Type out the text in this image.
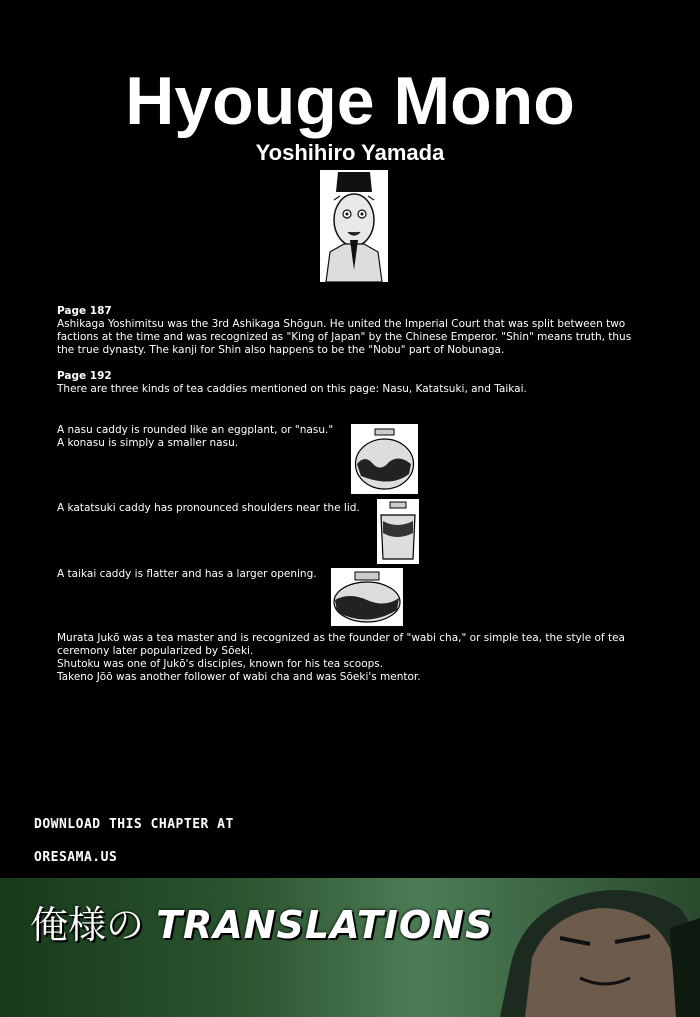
Hyouge Mono
Yoshihiro Yamada

Page 187

Ashikaga Yoshimitsu was the 3rd Ashikaga Shōgun. He united the Imperial Court that was split between two factions at the time and was recognized as "King of Japan" by the Chinese Emperor. "Shin" means truth, thus the true dynasty. The kanji for Shin also happens to be the "Nobu" part of Nobunaga.

Page 192

There are three kinds of tea caddies mentioned on this page: Nasu, Katatsuki, and Taikai.

A nasu caddy is rounded like an eggplant, or "nasu."

A konasu is simply a smaller nasu.

A katatsuki caddy has pronounced shoulders near the lid.

A taikai caddy is flatter and has a larger opening.

Murata Jukō was a tea master and is recognized as the founder of "wabi cha," or simple tea, the style of tea ceremony later popularized by Sōeki.

Shutoku was one of Jukō's disciples, known for his tea scoops.

Takeno Jōō was another follower of wabi cha and was Sōeki's mentor.

DOWNLOAD THIS CHAPTER AT
ORESAMA.US
俺様の TRANSLATIONS
